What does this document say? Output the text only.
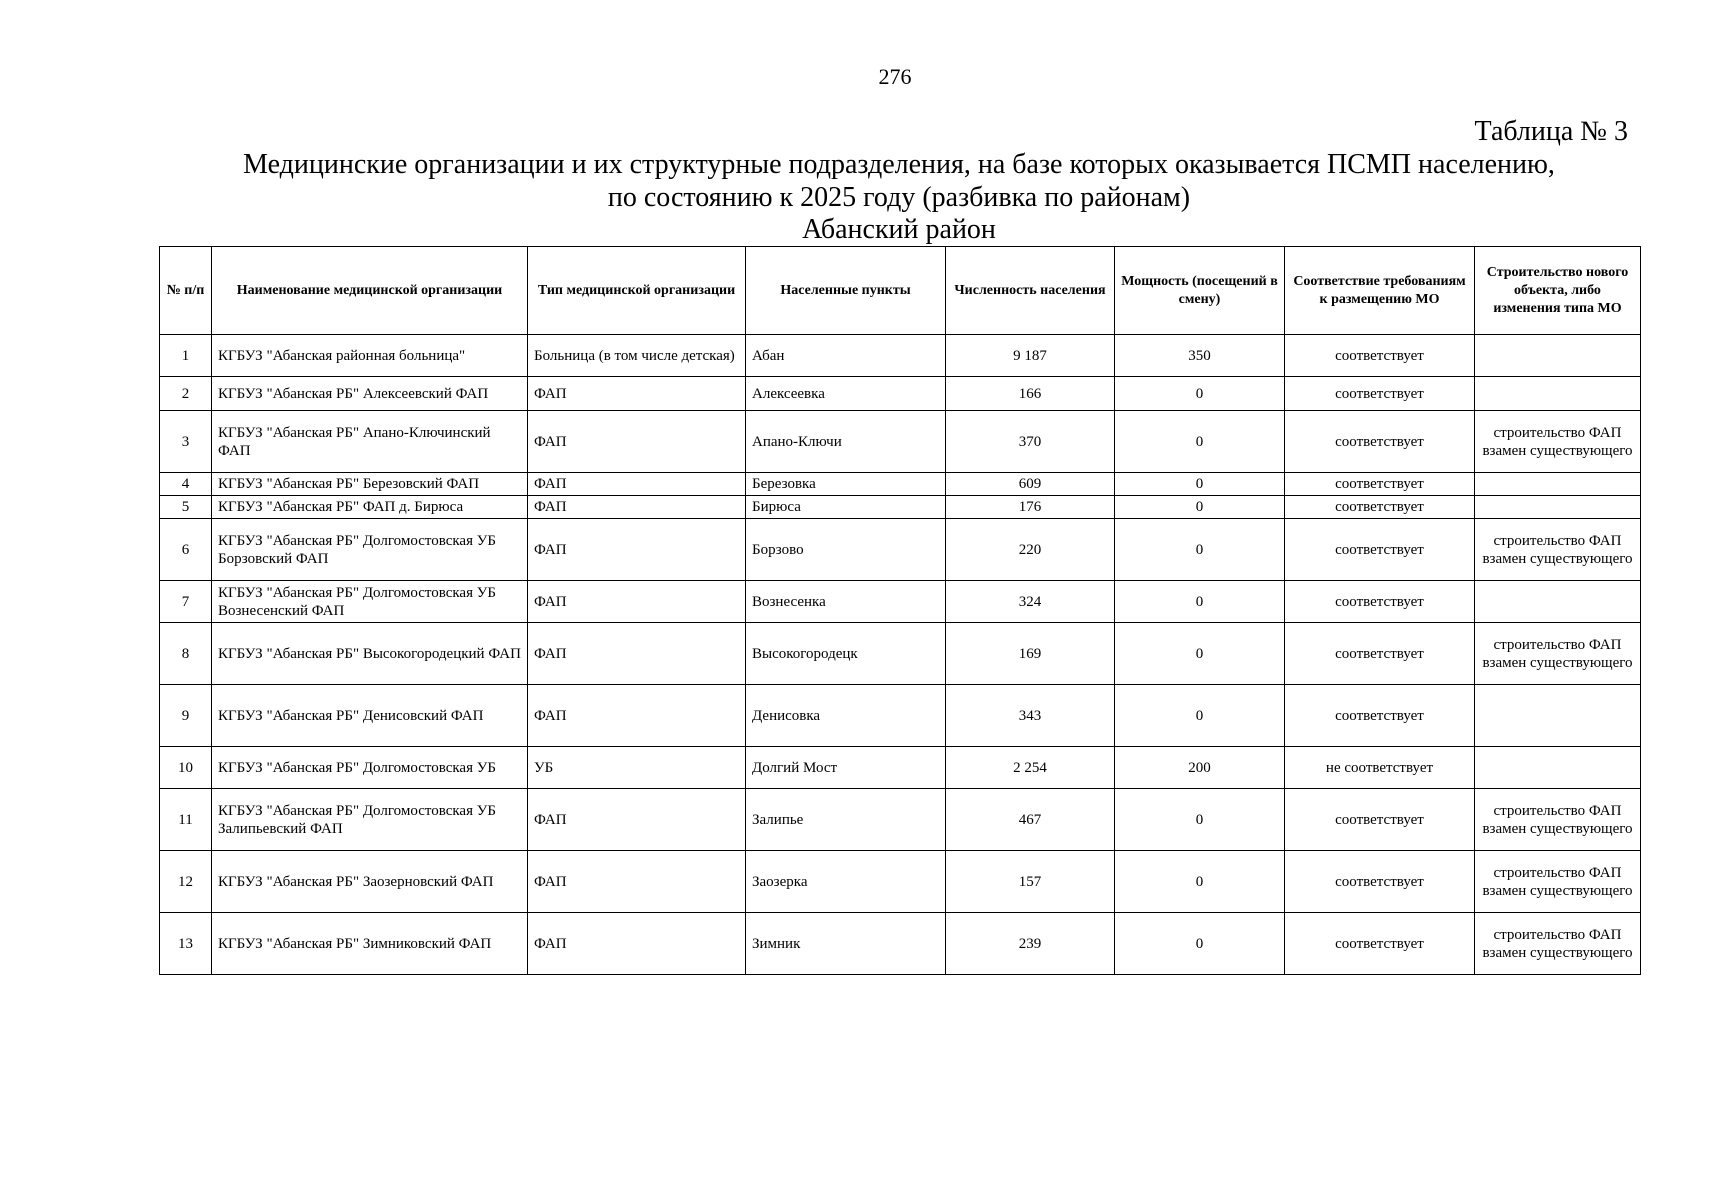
276
Таблица № 3
Медицинские организации и их структурные подразделения, на базе которых оказывается ПСМП населению,
по состоянию к 2025 году (разбивка по районам)
Абанский район
№ п/п	Наименование медицинской организации	Тип медицинской организации	Населенные пункты	Численность населения	Мощность (посещений в смену)	Соответствие требованиям к размещению МО	Строительство нового объекта, либо изменения типа МО
1	КГБУЗ "Абанская районная больница"	Больница (в том числе детская)	Абан	9 187	350	соответствует	
2	КГБУЗ "Абанская РБ" Алексеевский ФАП	ФАП	Алексеевка	166	0	соответствует	
3	КГБУЗ "Абанская РБ" Апано-Ключинский ФАП	ФАП	Апано-Ключи	370	0	соответствует	строительство ФАП взамен существующего
4	КГБУЗ "Абанская РБ" Березовский ФАП	ФАП	Березовка	609	0	соответствует	
5	КГБУЗ "Абанская РБ" ФАП д. Бирюса	ФАП	Бирюса	176	0	соответствует	
6	КГБУЗ "Абанская РБ" Долгомостовская УБ Борзовский ФАП	ФАП	Борзово	220	0	соответствует	строительство ФАП взамен существующего
7	КГБУЗ "Абанская РБ" Долгомостовская УБ Вознесенский ФАП	ФАП	Вознесенка	324	0	соответствует	
8	КГБУЗ "Абанская РБ" Высокогородецкий ФАП	ФАП	Высокогородецк	169	0	соответствует	строительство ФАП взамен существующего
9	КГБУЗ "Абанская РБ" Денисовский ФАП	ФАП	Денисовка	343	0	соответствует	
10	КГБУЗ "Абанская РБ" Долгомостовская УБ	УБ	Долгий Мост	2 254	200	не соответствует	
11	КГБУЗ "Абанская РБ" Долгомостовская УБ Залипьевский ФАП	ФАП	Залипье	467	0	соответствует	строительство ФАП взамен существующего
12	КГБУЗ "Абанская РБ" Заозерновский ФАП	ФАП	Заозерка	157	0	соответствует	строительство ФАП взамен существующего
13	КГБУЗ "Абанская РБ" Зимниковский ФАП	ФАП	Зимник	239	0	соответствует	строительство ФАП взамен существующего
